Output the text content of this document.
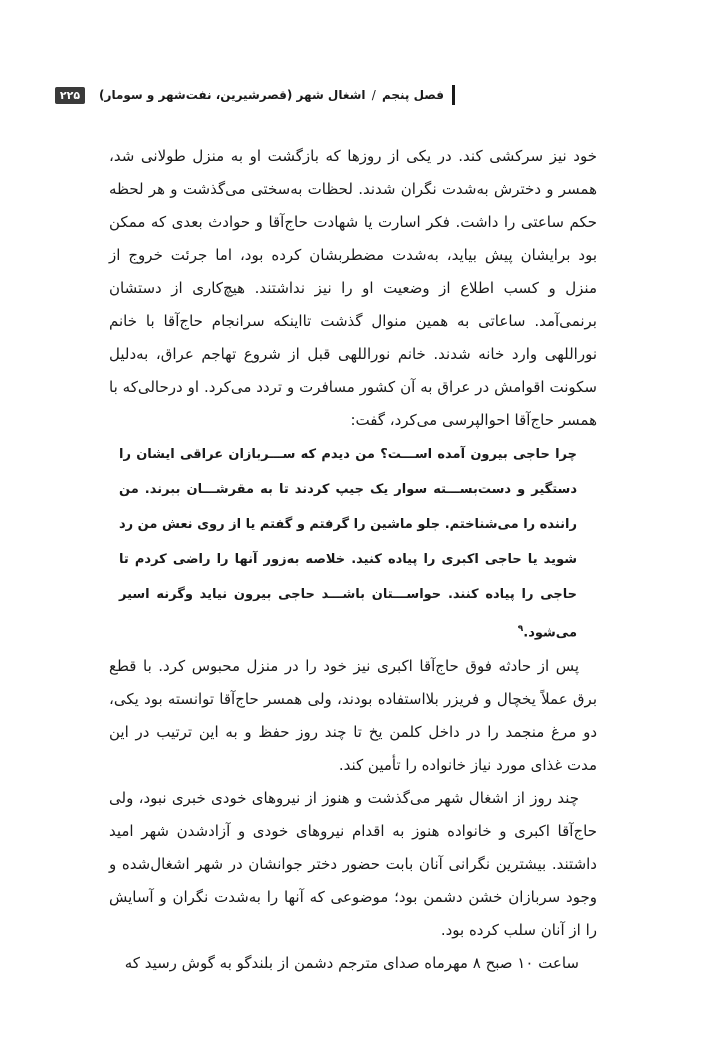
فصل پنجم / اشغال شهر (قصرشیرین، نفت‌شهر و سومار)
۲۲۵

خود نیز سرکشی کند. در یکی از روزها که بازگشت او به منزل طولانی شد، همسر و دخترش به‌شدت نگران شدند. لحظات به‌سختی می‌گذشت و هر لحظه حکم ساعتی را داشت. فکر اسارت یا شهادت حاج‌آقا و حوادث بعدی که ممکن بود برایشان پیش بیاید، به‌شدت مضطربشان کرده بود، اما جرئت خروج از منزل و کسب اطلاع از وضعیت او را نیز نداشتند. هیچ‌کاری از دستشان برنمی‌آمد. ساعاتی به همین منوال گذشت تااینکه سرانجام حاج‌آقا با خانم نوراللهی وارد خانه شدند. خانم نوراللهی قبل از شروع تهاجم عراق، به‌دلیل سکونت اقوامش در عراق به آن کشور مسافرت و تردد می‌کرد. او درحالی‌که با همسر حاج‌آقا احوالپرسی می‌کرد، گفت:

چرا حاجی بیرون آمده اســـت؟ من دیدم که ســـربازان عراقی ایشان را دستگیر و دست‌بســـته سوار یک جیپ کردند تا به مقرشـــان ببرند. من راننده را می‌شناختم. جلو ماشین را گرفتم و گفتم یا از روی نعش من رد شوید یا حاجی اکبری را پیاده کنید. خلاصه به‌زور آنها را راضی کردم تا حاجی را پیاده کنند. حواســـتان باشـــد حاجی بیرون نیاید وگرنه اسیر می‌شود.$^۹$

پس از حادثه فوق حاج‌آقا اکبری نیز خود را در منزل محبوس کرد. با قطع برق عملاً یخچال و فریزر بلااستفاده بودند، ولی همسر حاج‌آقا توانسته بود یکی، دو مرغ منجمد را در داخل کلمن یخ تا چند روز حفظ و به این ترتیب در این مدت غذای مورد نیاز خانواده را تأمین کند.

چند روز از اشغال شهر می‌گذشت و هنوز از نیروهای خودی خبری نبود، ولی حاج‌آقا اکبری و خانواده هنوز به اقدام نیروهای خودی و آزادشدن شهر امید داشتند. بیشترین نگرانی آنان بابت حضور دختر جوانشان در شهر اشغال‌شده و وجود سربازان خشن دشمن بود؛ موضوعی که آنها را به‌شدت نگران و آسایش را از آنان سلب کرده بود.

ساعت ۱۰ صبح ۸ مهرماه صدای مترجم دشمن از بلندگو به گوش رسید که
